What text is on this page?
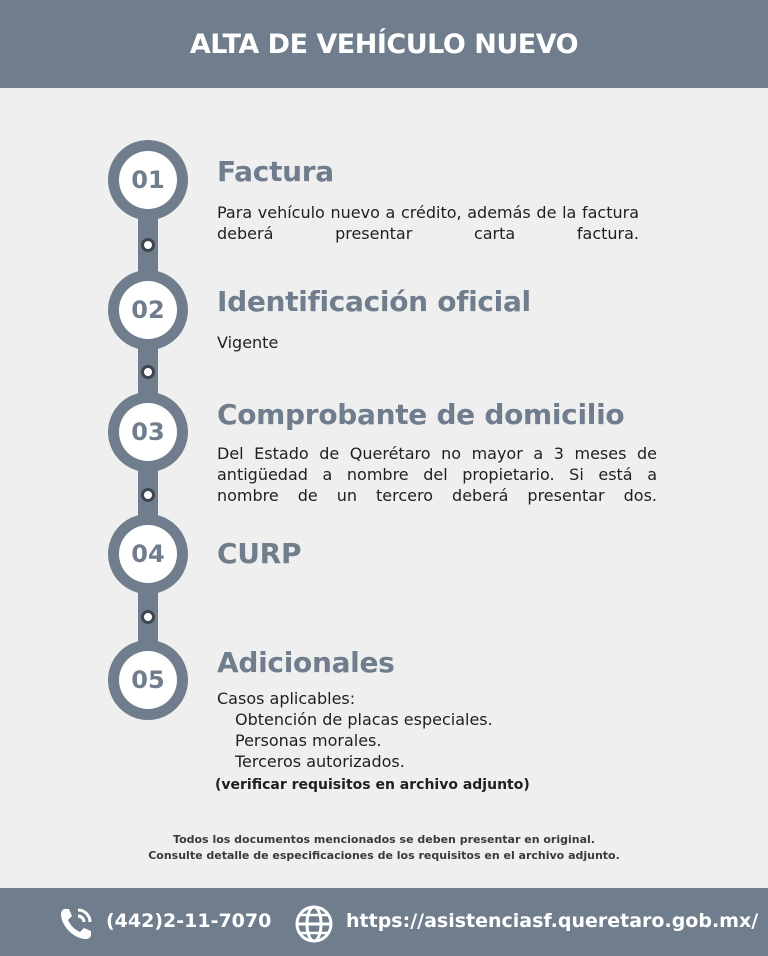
ALTA DE VEHÍCULO NUEVO
01
02
03
04
05
Factura

Para vehículo nuevo a crédito, además de la factura deberá presentar carta factura.

Identificación oficial

Vigente

Comprobante de domicilio

Del Estado de Querétaro no mayor a 3 meses de antigüedad a nombre del propietario. Si está a nombre de un tercero deberá presentar dos.

CURP
Adicionales

Casos aplicables:

Obtención de placas especiales.
Personas morales.
Terceros autorizados.

(verificar requisitos en archivo adjunto)

Todos los documentos mencionados se deben presentar en original.

Consulte detalle de especificaciones de los requisitos en el archivo adjunto.

(442)2-11-7070	https://asistenciasf.queretaro.gob.mx/
